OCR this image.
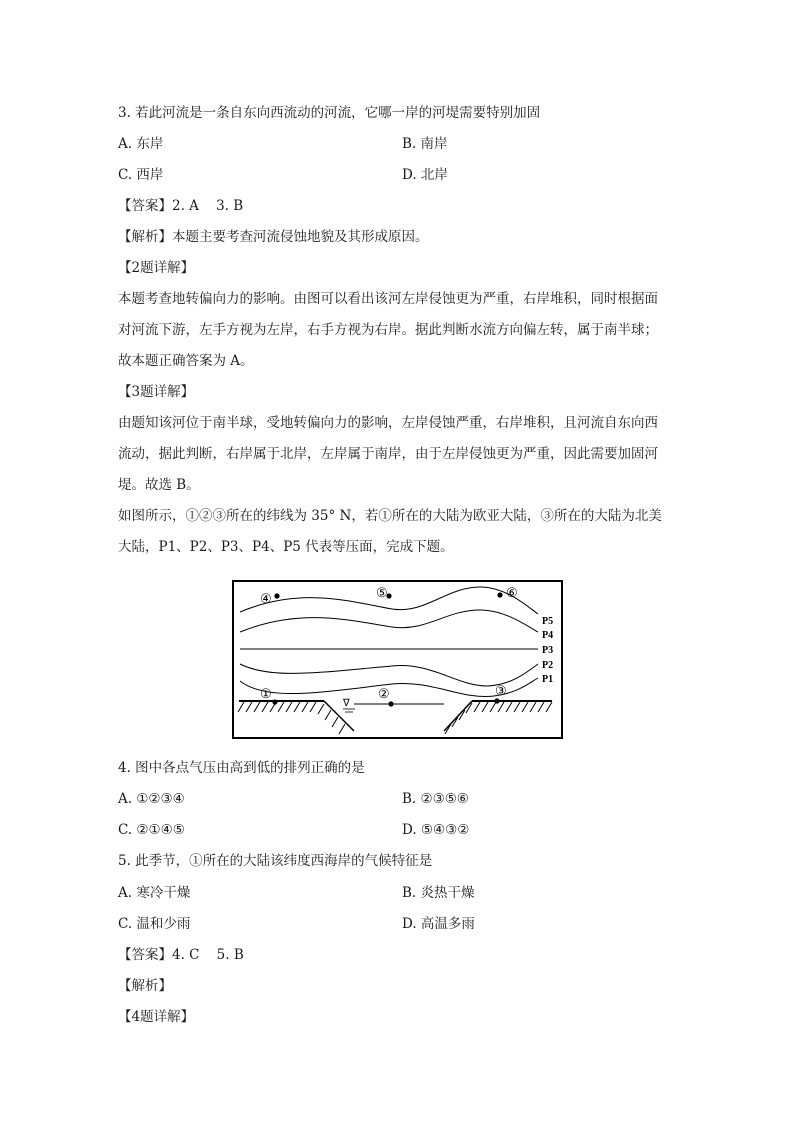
3. 若此河流是一条自东向西流动的河流，它哪一岸的河堤需要特别加固
A. 东岸	B. 南岸
C. 西岸	D. 北岸
【答案】2. A    3. B
【解析】本题主要考查河流侵蚀地貌及其形成原因。
【2题详解】
本题考查地转偏向力的影响。由图可以看出该河左岸侵蚀更为严重，右岸堆积，同时根据面
对河流下游，左手方视为左岸，右手方视为右岸。据此判断水流方向偏左转，属于南半球；
故本题正确答案为 A。
【3题详解】
由题知该河位于南半球，受地转偏向力的影响，左岸侵蚀严重，右岸堆积，且河流自东向西
流动，据此判断，右岸属于北岸，左岸属于南岸，由于左岸侵蚀更为严重，因此需要加固河
堤。故选 B。
如图所示，①②③所在的纬线为 35° N，若①所在的大陆为欧亚大陆，③所在的大陆为北美
大陆，P1、P2、P3、P4、P5 代表等压面，完成下题。
P5
P4
P3
P2
P1
∇
①	②	③
④	⑤	⑥
4. 图中各点气压由高到低的排列正确的是
A. ①②③④	B. ②③⑤⑥
C. ②①④⑤	D. ⑤④③②
5. 此季节，①所在的大陆该纬度西海岸的气候特征是
A. 寒冷干燥	B. 炎热干燥
C. 温和少雨	D. 高温多雨
【答案】4. C    5. B
【解析】
【4题详解】
